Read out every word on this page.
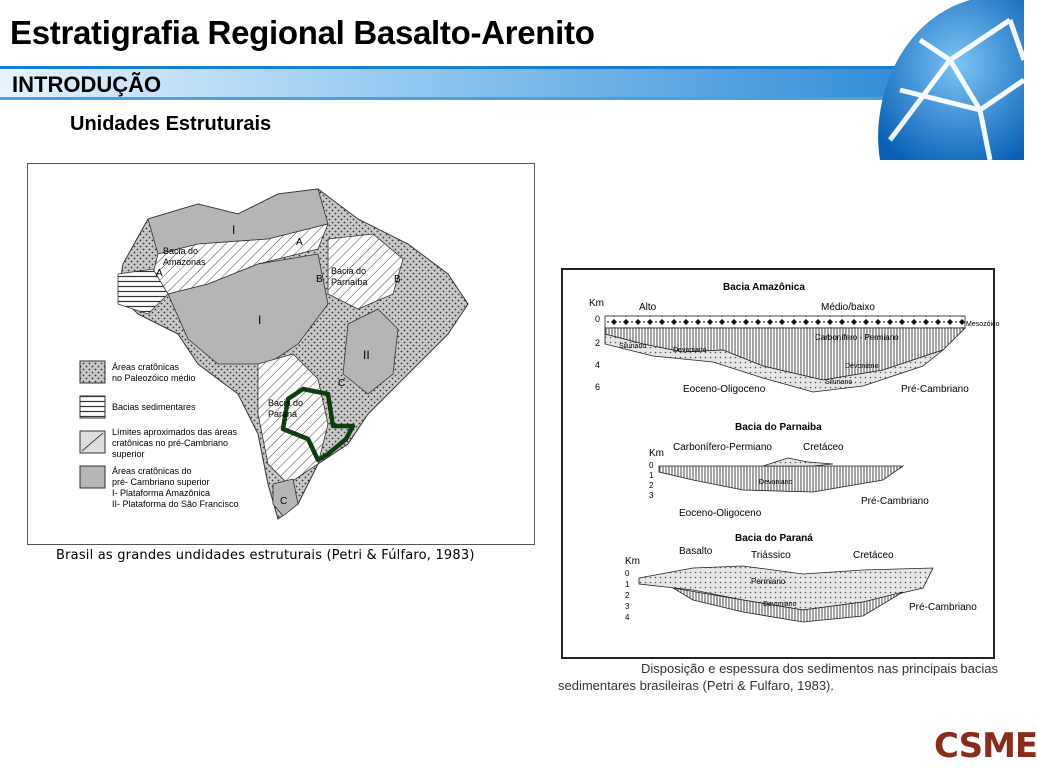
Estratigrafia Regional Basalto-Arenito
INTRODUÇÃO
Unidades Estruturais
Bacia do
Amazonas
Bacia do
Parnaíba
Bacia do
Paraná
I
I
II
A
A
B	B
C
C
Áreas cratônicas
no Paleozóico médio
Bacias sedimentares
Límites aproximados das áreas
cratônicas no pré-Cambriano
superior
Áreas cratônicas do
pré- Cambriano superior
I- Plataforma Amazônica
II- Plataforma do São Francisco
Brasil as grandes undidades estruturais (Petri & Fúlfaro, 1983)
Bacia Amazônica
Km
0
2
4
6
Alto	Médio/baixo
Mesozóico
Siluriano
Devoniano
Carbonífero - Permiano
Devoniano
Siluriano
Eoceno-Oligoceno	Pré-Cambriano
Bacia do Parnaiba
Km
0
1
2
3
Carbonífero-Permiano	Cretáceo
Devoniano
Eoceno-Oligoceno
Pré-Cambriano
Bacia do Paraná
Km
0
1
2
3
4
Basalto	Triássico	Cretáceo
Permiano
Devoniano	Pré-Cambriano
Disposição e espessura dos sedimentos nas principais bacias
sedimentares brasileiras (Petri & Fulfaro, 1983).
CSME
